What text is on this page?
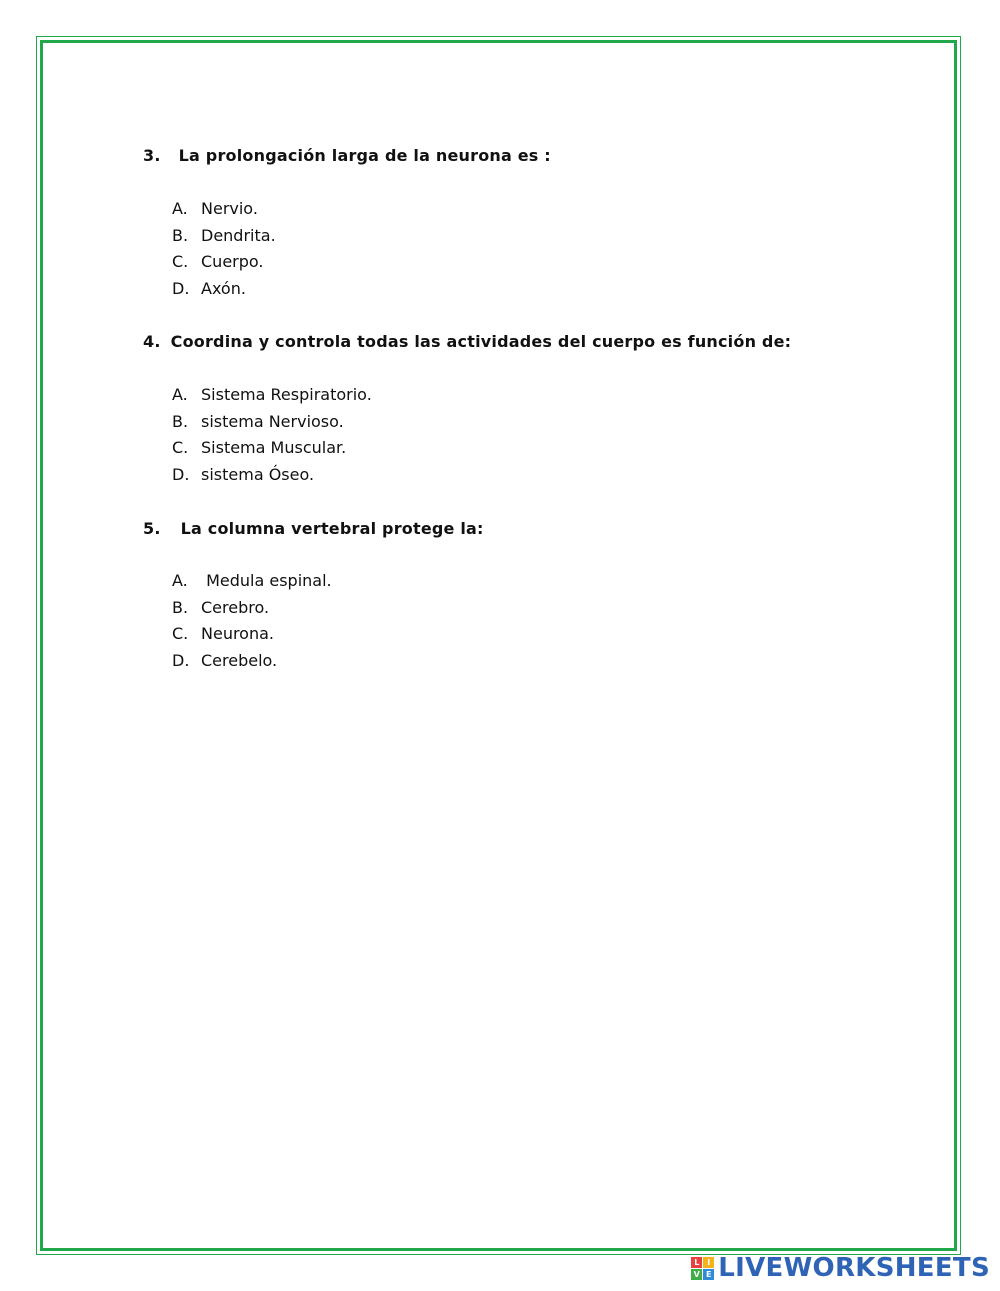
3. La prolongación larga de la neurona es :
A. Nervio.
B. Dendrita.
C. Cuerpo.
D. Axón.
4. Coordina y controla todas las actividades del cuerpo es función de:
A. Sistema Respiratorio.
B. sistema Nervioso.
C. Sistema Muscular.
D. sistema Óseo.
5. La columna vertebral protege la:
A. Medula espinal.
B. Cerebro.
C. Neurona.
D. Cerebelo.
L I
V E LIVEWORKSHEETS
